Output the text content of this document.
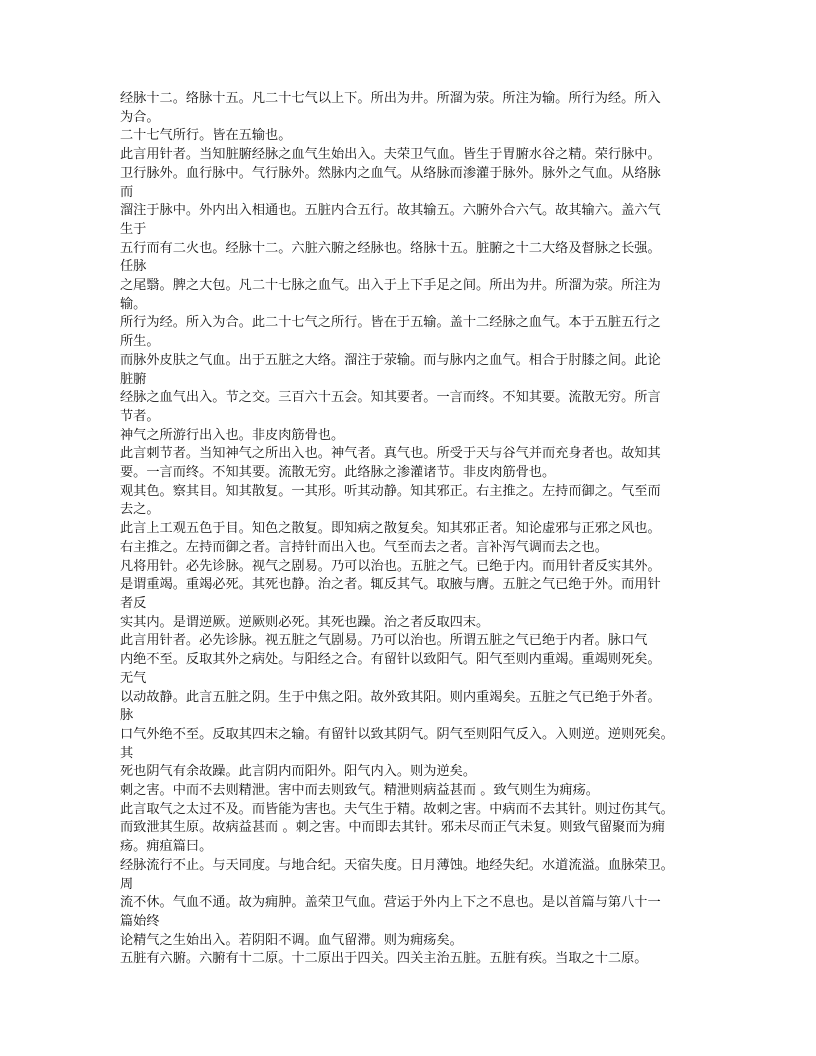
经脉十二。络脉十五。凡二十七气以上下。所出为井。所溜为荥。所注为输。所行为经。所入
为合。
二十七气所行。皆在五输也。
此言用针者。当知脏腑经脉之血气生始出入。夫荣卫气血。皆生于胃腑水谷之精。荣行脉中。
卫行脉外。血行脉中。气行脉外。然脉内之血气。从络脉而渗灌于脉外。脉外之气血。从络脉
而
溜注于脉中。外内出入相通也。五脏内合五行。故其输五。六腑外合六气。故其输六。盖六气
生于
五行而有二火也。经脉十二。六脏六腑之经脉也。络脉十五。脏腑之十二大络及督脉之长强。
任脉
之尾翳。脾之大包。凡二十七脉之血气。出入于上下手足之间。所出为井。所溜为荥。所注为
输。
所行为经。所入为合。此二十七气之所行。皆在于五输。盖十二经脉之血气。本于五脏五行之
所生。
而脉外皮肤之气血。出于五脏之大络。溜注于荥输。而与脉内之血气。相合于肘膝之间。此论
脏腑
经脉之血气出入。节之交。三百六十五会。知其要者。一言而终。不知其要。流散无穷。所言
节者。
神气之所游行出入也。非皮肉筋骨也。
此言刺节者。当知神气之所出入也。神气者。真气也。所受于天与谷气并而充身者也。故知其
要。一言而终。不知其要。流散无穷。此络脉之渗灌诸节。非皮肉筋骨也。
观其色。察其目。知其散复。一其形。听其动静。知其邪正。右主推之。左持而御之。气至而
去之。
此言上工观五色于目。知色之散复。即知病之散复矣。知其邪正者。知论虚邪与正邪之风也。
右主推之。左持而御之者。言持针而出入也。气至而去之者。言补泻气调而去之也。
凡将用针。必先诊脉。视气之剧易。乃可以治也。五脏之气。已绝于内。而用针者反实其外。
是谓重竭。重竭必死。其死也静。治之者。辄反其气。取腋与膺。五脏之气已绝于外。而用针
者反
实其内。是谓逆厥。逆厥则必死。其死也躁。治之者反取四末。
此言用针者。必先诊脉。视五脏之气剧易。乃可以治也。所谓五脏之气已绝于内者。脉口气
内绝不至。反取其外之病处。与阳经之合。有留针以致阳气。阳气至则内重竭。重竭则死矣。
无气
以动故静。此言五脏之阴。生于中焦之阳。故外致其阳。则内重竭矣。五脏之气已绝于外者。
脉
口气外绝不至。反取其四末之输。有留针以致其阴气。阴气至则阳气反入。入则逆。逆则死矣。
其
死也阴气有余故躁。此言阴内而阳外。阳气内入。则为逆矣。
刺之害。中而不去则精泄。害中而去则致气。精泄则病益甚而 。致气则生为痈疡。
此言取气之太过不及。而皆能为害也。夫气生于精。故刺之害。中病而不去其针。则过伤其气。
而致泄其生原。故病益甚而 。刺之害。中而即去其针。邪未尽而正气未复。则致气留聚而为痈
疡。痈疽篇曰。
经脉流行不止。与天同度。与地合纪。天宿失度。日月薄蚀。地经失纪。水道流溢。血脉荣卫。
周
流不休。气血不通。故为痈肿。盖荣卫气血。营运于外内上下之不息也。是以首篇与第八十一
篇始终
论精气之生始出入。若阴阳不调。血气留滞。则为痈疡矣。
五脏有六腑。六腑有十二原。十二原出于四关。四关主治五脏。五脏有疾。当取之十二原。
